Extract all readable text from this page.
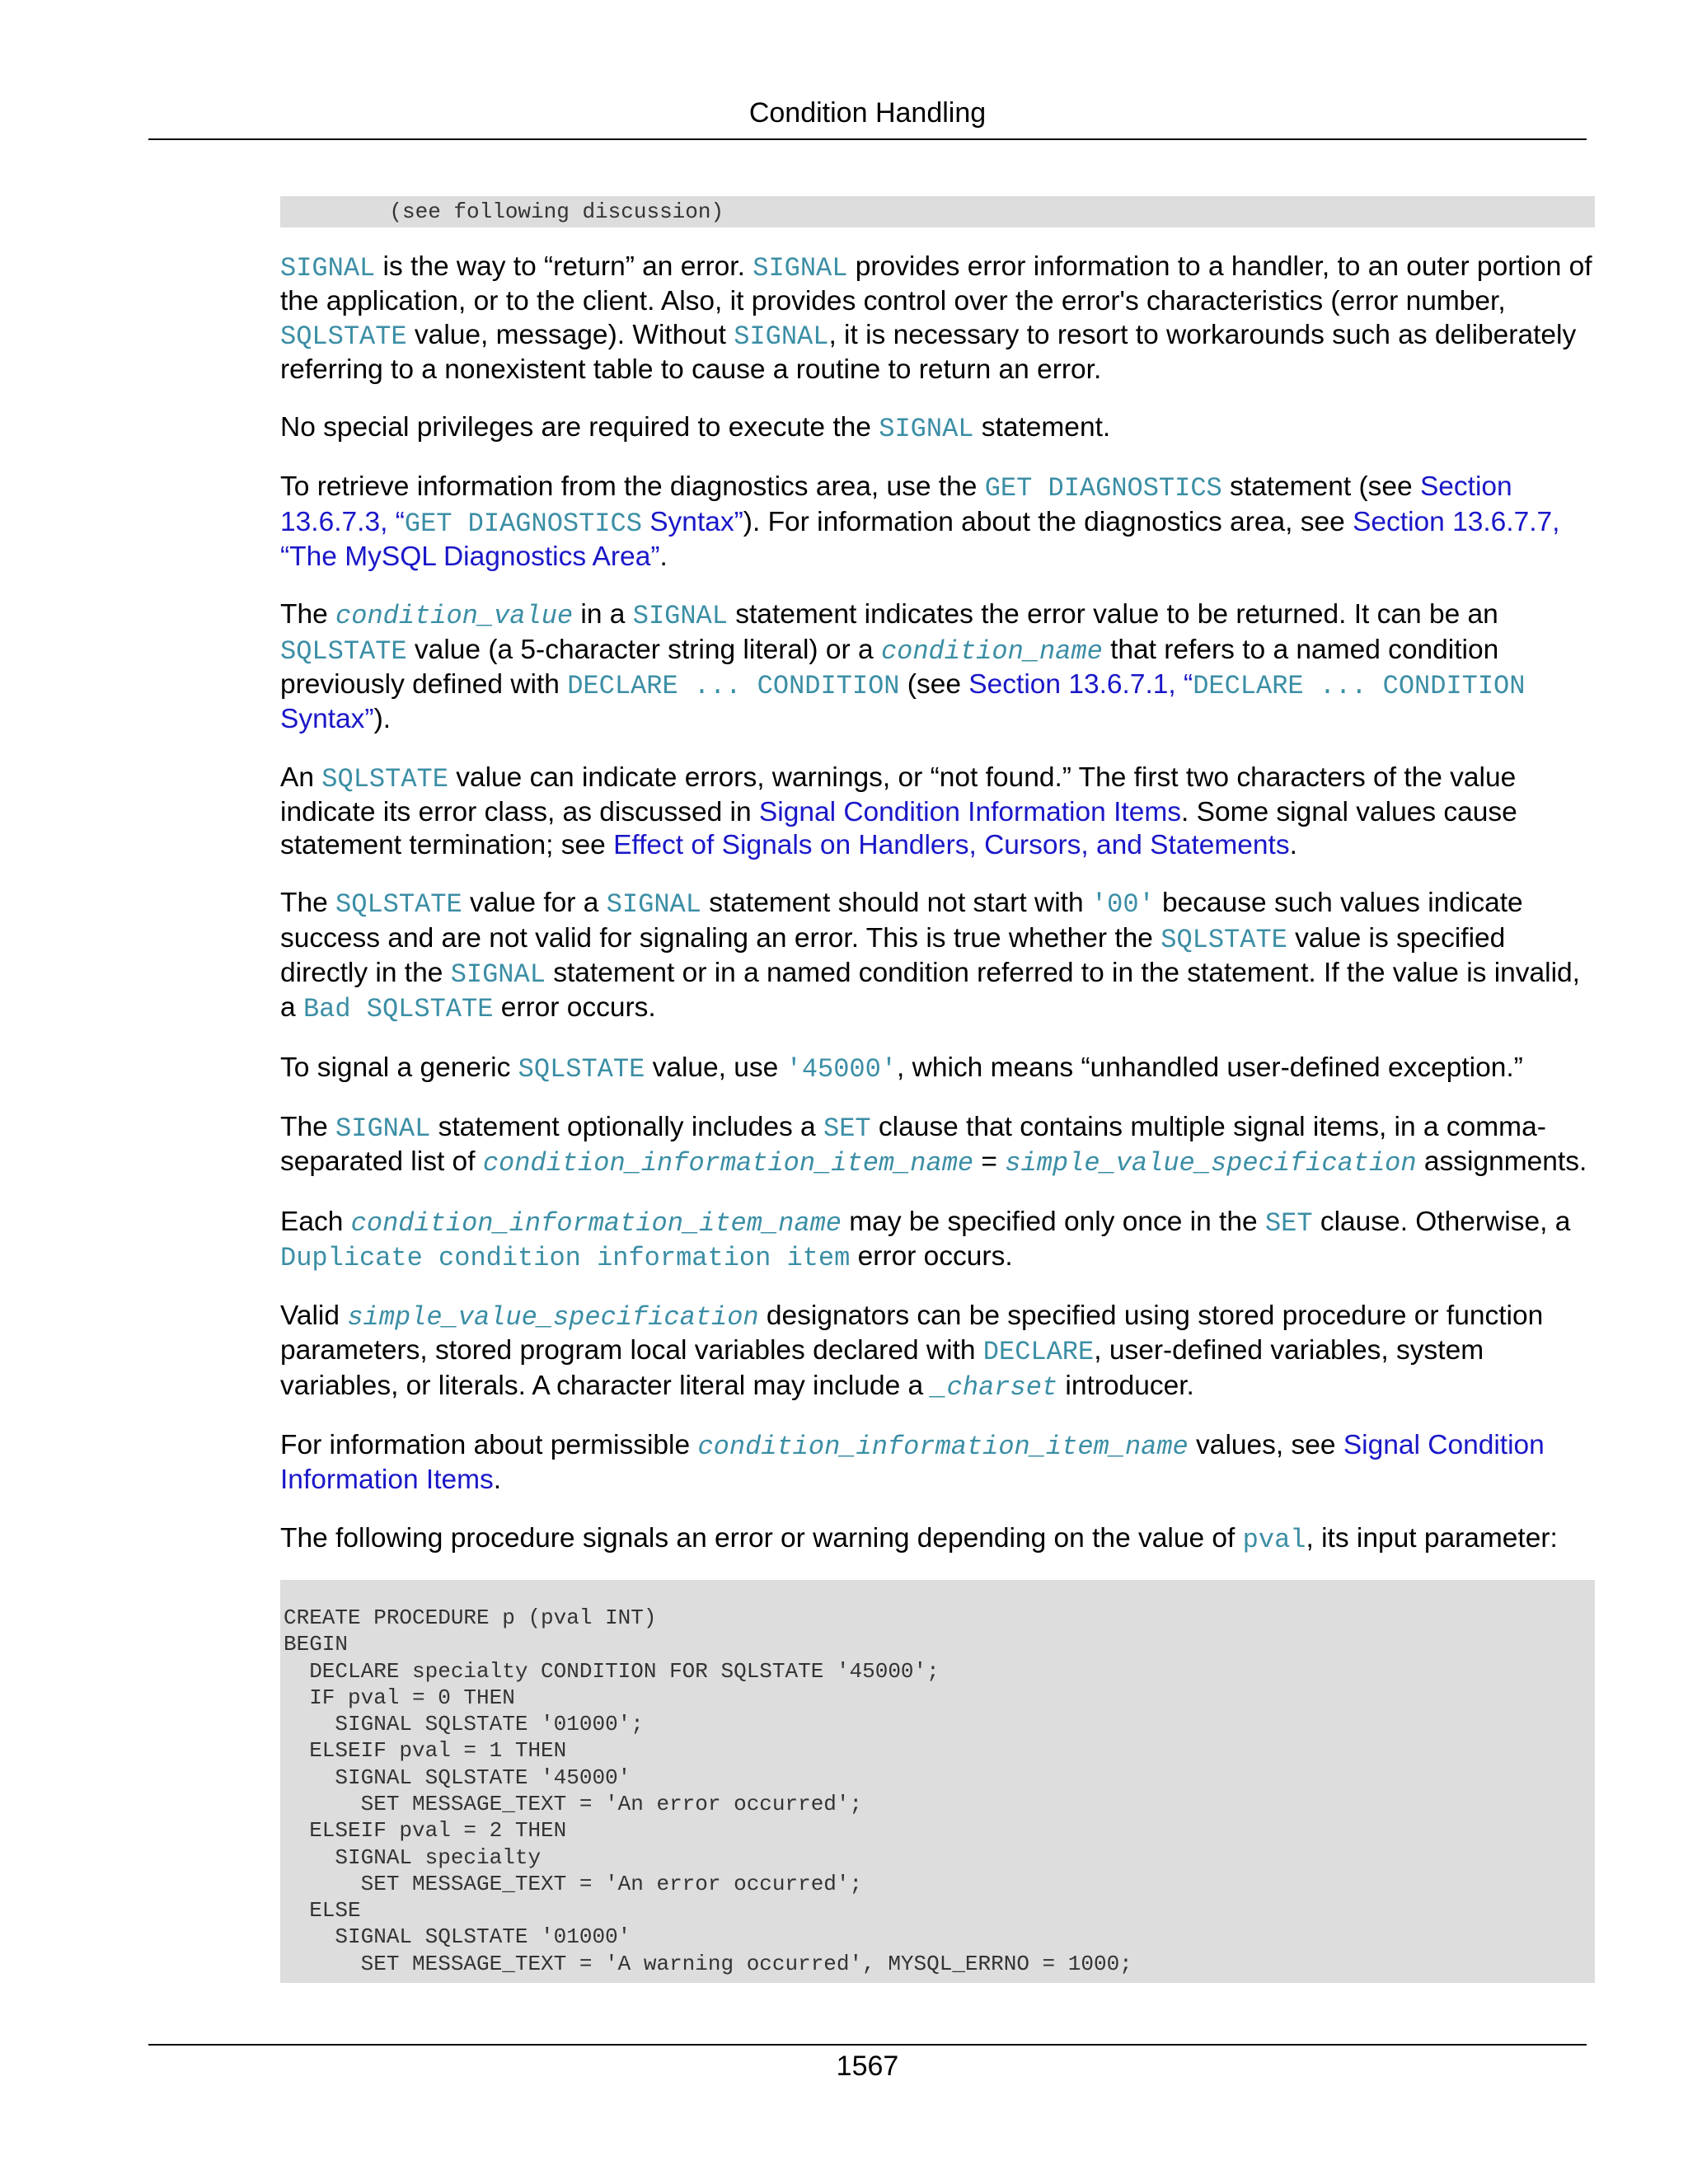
Condition Handling
(see following discussion)

SIGNAL is the way to “return” an error. SIGNAL provides error information to a handler, to an outer portion of the application, or to the client. Also, it provides control over the error's characteristics (error number, SQLSTATE value, message). Without SIGNAL, it is necessary to resort to workarounds such as deliberately referring to a nonexistent table to cause a routine to return an error.

No special privileges are required to execute the SIGNAL statement.

To retrieve information from the diagnostics area, use the GET DIAGNOSTICS statement (see Section 13.6.7.3, “GET DIAGNOSTICS Syntax”). For information about the diagnostics area, see Section 13.6.7.7, “The MySQL Diagnostics Area”.

The condition_value in a SIGNAL statement indicates the error value to be returned. It can be an SQLSTATE value (a 5-character string literal) or a condition_name that refers to a named condition previously defined with DECLARE ... CONDITION (see Section 13.6.7.1, “DECLARE ... CONDITION Syntax”).

An SQLSTATE value can indicate errors, warnings, or “not found.” The first two characters of the value indicate its error class, as discussed in Signal Condition Information Items. Some signal values cause statement termination; see Effect of Signals on Handlers, Cursors, and Statements.

The SQLSTATE value for a SIGNAL statement should not start with '00' because such values indicate success and are not valid for signaling an error. This is true whether the SQLSTATE value is specified directly in the SIGNAL statement or in a named condition referred to in the statement. If the value is invalid, a Bad SQLSTATE error occurs.

To signal a generic SQLSTATE value, use '45000', which means “unhandled user-defined exception.”

The SIGNAL statement optionally includes a SET clause that contains multiple signal items, in a comma-separated list of condition_information_item_name = simple_value_specification assignments.

Each condition_information_item_name may be specified only once in the SET clause. Otherwise, a Duplicate condition information item error occurs.

Valid simple_value_specification designators can be specified using stored procedure or function parameters, stored program local variables declared with DECLARE, user-defined variables, system variables, or literals. A character literal may include a _charset introducer.

For information about permissible condition_information_item_name values, see Signal Condition Information Items.

The following procedure signals an error or warning depending on the value of pval, its input parameter:

CREATE PROCEDURE p (pval INT)
BEGIN
DECLARE specialty CONDITION FOR SQLSTATE '45000';
IF pval = 0 THEN
SIGNAL SQLSTATE '01000';
ELSEIF pval = 1 THEN
SIGNAL SQLSTATE '45000'
SET MESSAGE_TEXT = 'An error occurred';
ELSEIF pval = 2 THEN
SIGNAL specialty
SET MESSAGE_TEXT = 'An error occurred';
ELSE
SIGNAL SQLSTATE '01000'
SET MESSAGE_TEXT = 'A warning occurred', MYSQL_ERRNO = 1000;
1567
